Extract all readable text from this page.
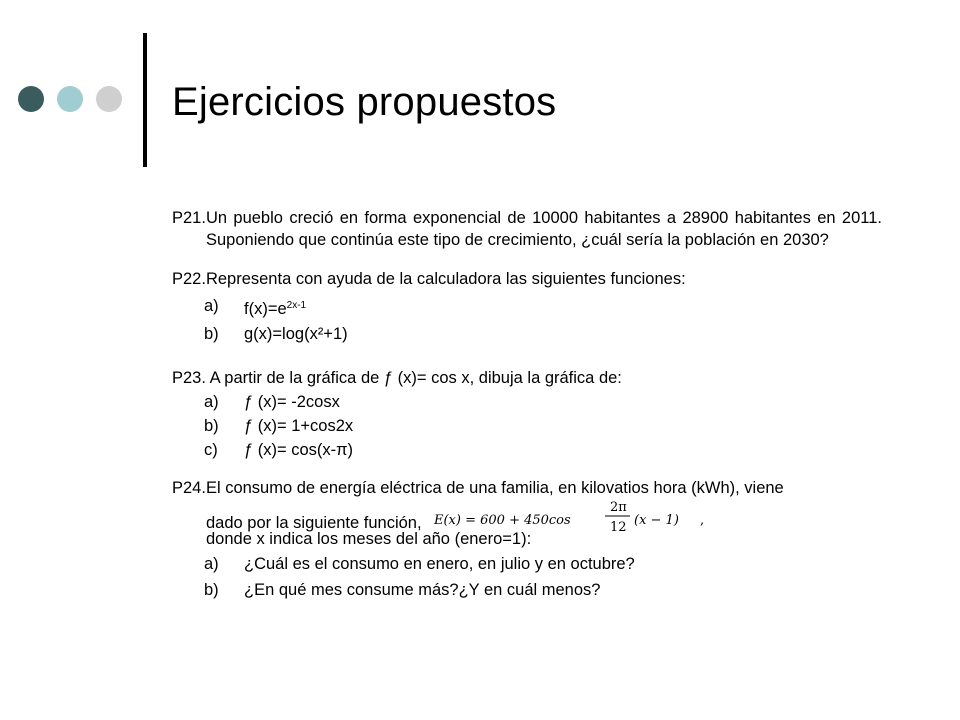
Ejercicios propuestos
P21.Un pueblo creció en forma exponencial de 10000 habitantes a 28900 habitantes en 2011. Suponiendo que continúa este tipo de crecimiento, ¿cuál sería la población en 2030?
P22.Representa con ayuda de la calculadora las siguientes funciones:
a) $f(x)=e^{2x-1}$
b) g(x)=log(x²+1)
P23. A partir de la gráfica de ƒ (x)= cos x, dibuja la gráfica de:
a) ƒ (x)= -2cosx
b) ƒ (x)= 1+cos2x
c) ƒ (x)= cos(x-π)
P24.El consumo de energía eléctrica de una familia, en kilovatios hora (kWh), viene
dado por la siguiente función, E(x) = 600 + 450cos
2π
12 (x − 1) ,
donde x indica los meses del año (enero=1):
a) ¿Cuál es el consumo en enero, en julio y en octubre?
b) ¿En qué mes consume más?¿Y en cuál menos?
